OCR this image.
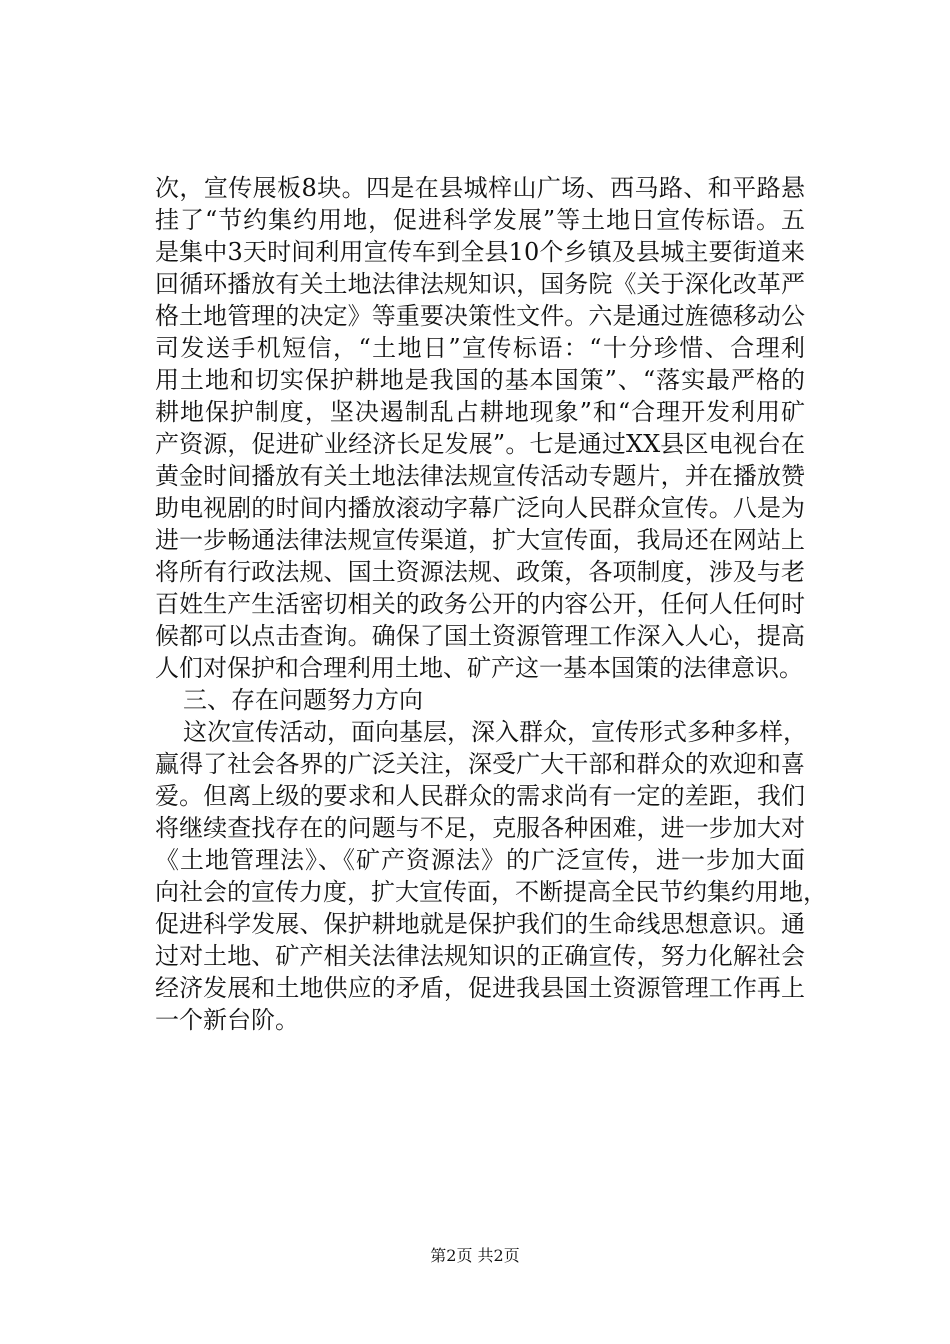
次，宣传展板8块。四是在县城梓山广场、西马路、和平路悬
挂了“节约集约用地，促进科学发展”等土地日宣传标语。五
是集中3天时间利用宣传车到全县10个乡镇及县城主要街道来
回循环播放有关土地法律法规知识，国务院《关于深化改革严
格土地管理的决定》等重要决策性文件。六是通过旌德移动公
司发送手机短信，“土地日”宣传标语：“十分珍惜、合理利
用土地和切实保护耕地是我国的基本国策”、“落实最严格的
耕地保护制度，坚决遏制乱占耕地现象”和“合理开发利用矿
产资源，促进矿业经济长足发展”。七是通过XX县区电视台在
黄金时间播放有关土地法律法规宣传活动专题片，并在播放赞
助电视剧的时间内播放滚动字幕广泛向人民群众宣传。八是为
进一步畅通法律法规宣传渠道，扩大宣传面，我局还在网站上
将所有行政法规、国土资源法规、政策，各项制度，涉及与老
百姓生产生活密切相关的政务公开的内容公开，任何人任何时
候都可以点击查询。确保了国土资源管理工作深入人心，提高
人们对保护和合理利用土地、矿产这一基本国策的法律意识。
三、存在问题努力方向
这次宣传活动，面向基层，深入群众，宣传形式多种多样，
赢得了社会各界的广泛关注，深受广大干部和群众的欢迎和喜
爱。但离上级的要求和人民群众的需求尚有一定的差距，我们
将继续查找存在的问题与不足，克服各种困难，进一步加大对
《土地管理法》、《矿产资源法》的广泛宣传，进一步加大面
向社会的宣传力度，扩大宣传面，不断提高全民节约集约用地，
促进科学发展、保护耕地就是保护我们的生命线思想意识。通
过对土地、矿产相关法律法规知识的正确宣传，努力化解社会
经济发展和土地供应的矛盾，促进我县国土资源管理工作再上
一个新台阶。
第2页 共2页
